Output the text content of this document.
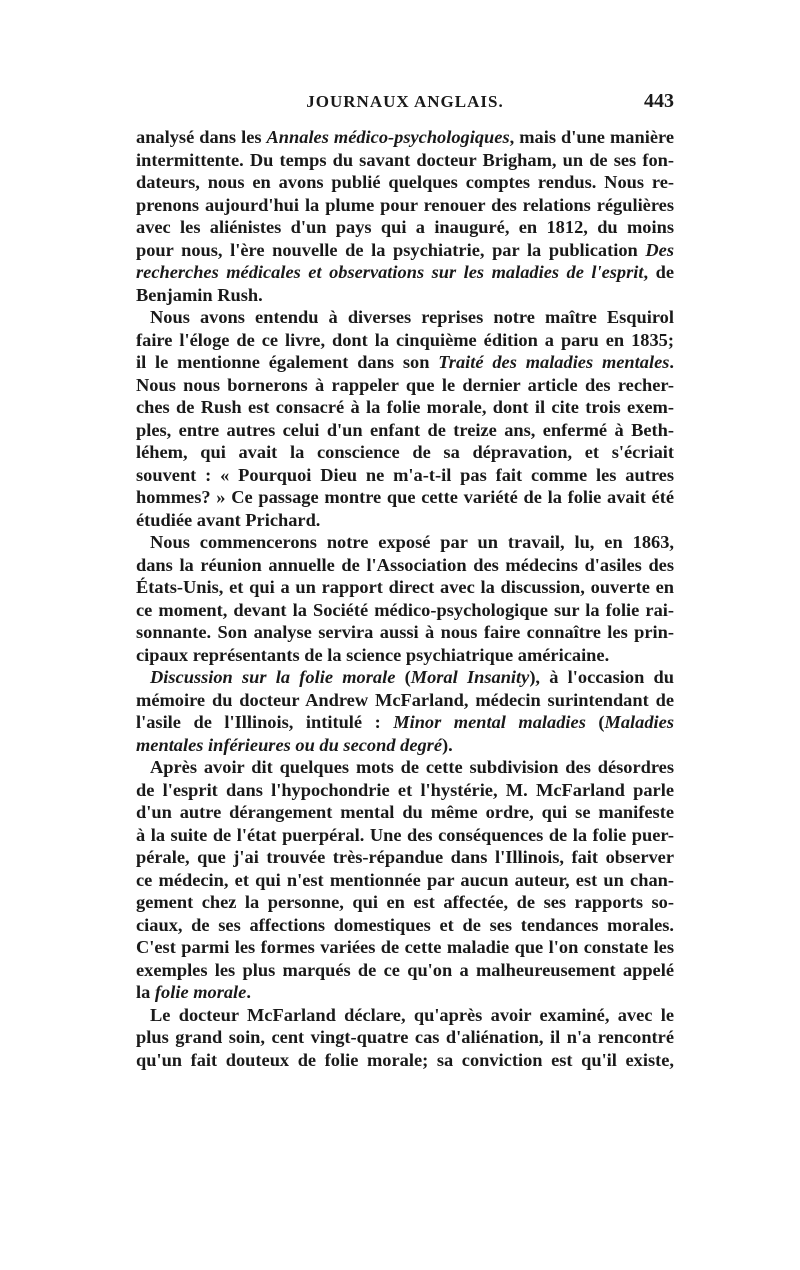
JOURNAUX ANGLAIS.	443
analysé dans les Annales médico-psychologiques, mais d'une manière
intermittente. Du temps du savant docteur Brigham, un de ses fon-
dateurs, nous en avons publié quelques comptes rendus. Nous re-
prenons aujourd'hui la plume pour renouer des relations régulières
avec les aliénistes d'un pays qui a inauguré, en 1812, du moins
pour nous, l'ère nouvelle de la psychiatrie, par la publication Des
recherches médicales et observations sur les maladies de l'esprit, de
Benjamin Rush.
Nous avons entendu à diverses reprises notre maître Esquirol
faire l'éloge de ce livre, dont la cinquième édition a paru en 1835;
il le mentionne également dans son Traité des maladies mentales.
Nous nous bornerons à rappeler que le dernier article des recher-
ches de Rush est consacré à la folie morale, dont il cite trois exem-
ples, entre autres celui d'un enfant de treize ans, enfermé à Beth-
léhem, qui avait la conscience de sa dépravation, et s'écriait
souvent : « Pourquoi Dieu ne m'a-t-il pas fait comme les autres
hommes? » Ce passage montre que cette variété de la folie avait été
étudiée avant Prichard.
Nous commencerons notre exposé par un travail, lu, en 1863,
dans la réunion annuelle de l'Association des médecins d'asiles des
États-Unis, et qui a un rapport direct avec la discussion, ouverte en
ce moment, devant la Société médico-psychologique sur la folie rai-
sonnante. Son analyse servira aussi à nous faire connaître les prin-
cipaux représentants de la science psychiatrique américaine.
Discussion sur la folie morale (Moral Insanity), à l'occasion du
mémoire du docteur Andrew McFarland, médecin surintendant de
l'asile de l'Illinois, intitulé : Minor mental maladies (Maladies
mentales inférieures ou du second degré).
Après avoir dit quelques mots de cette subdivision des désordres
de l'esprit dans l'hypochondrie et l'hystérie, M. McFarland parle
d'un autre dérangement mental du même ordre, qui se manifeste
à la suite de l'état puerpéral. Une des conséquences de la folie puer-
pérale, que j'ai trouvée très-répandue dans l'Illinois, fait observer
ce médecin, et qui n'est mentionnée par aucun auteur, est un chan-
gement chez la personne, qui en est affectée, de ses rapports so-
ciaux, de ses affections domestiques et de ses tendances morales.
C'est parmi les formes variées de cette maladie que l'on constate les
exemples les plus marqués de ce qu'on a malheureusement appelé
la folie morale.
Le docteur McFarland déclare, qu'après avoir examiné, avec le
plus grand soin, cent vingt-quatre cas d'aliénation, il n'a rencontré
qu'un fait douteux de folie morale; sa conviction est qu'il existe,
